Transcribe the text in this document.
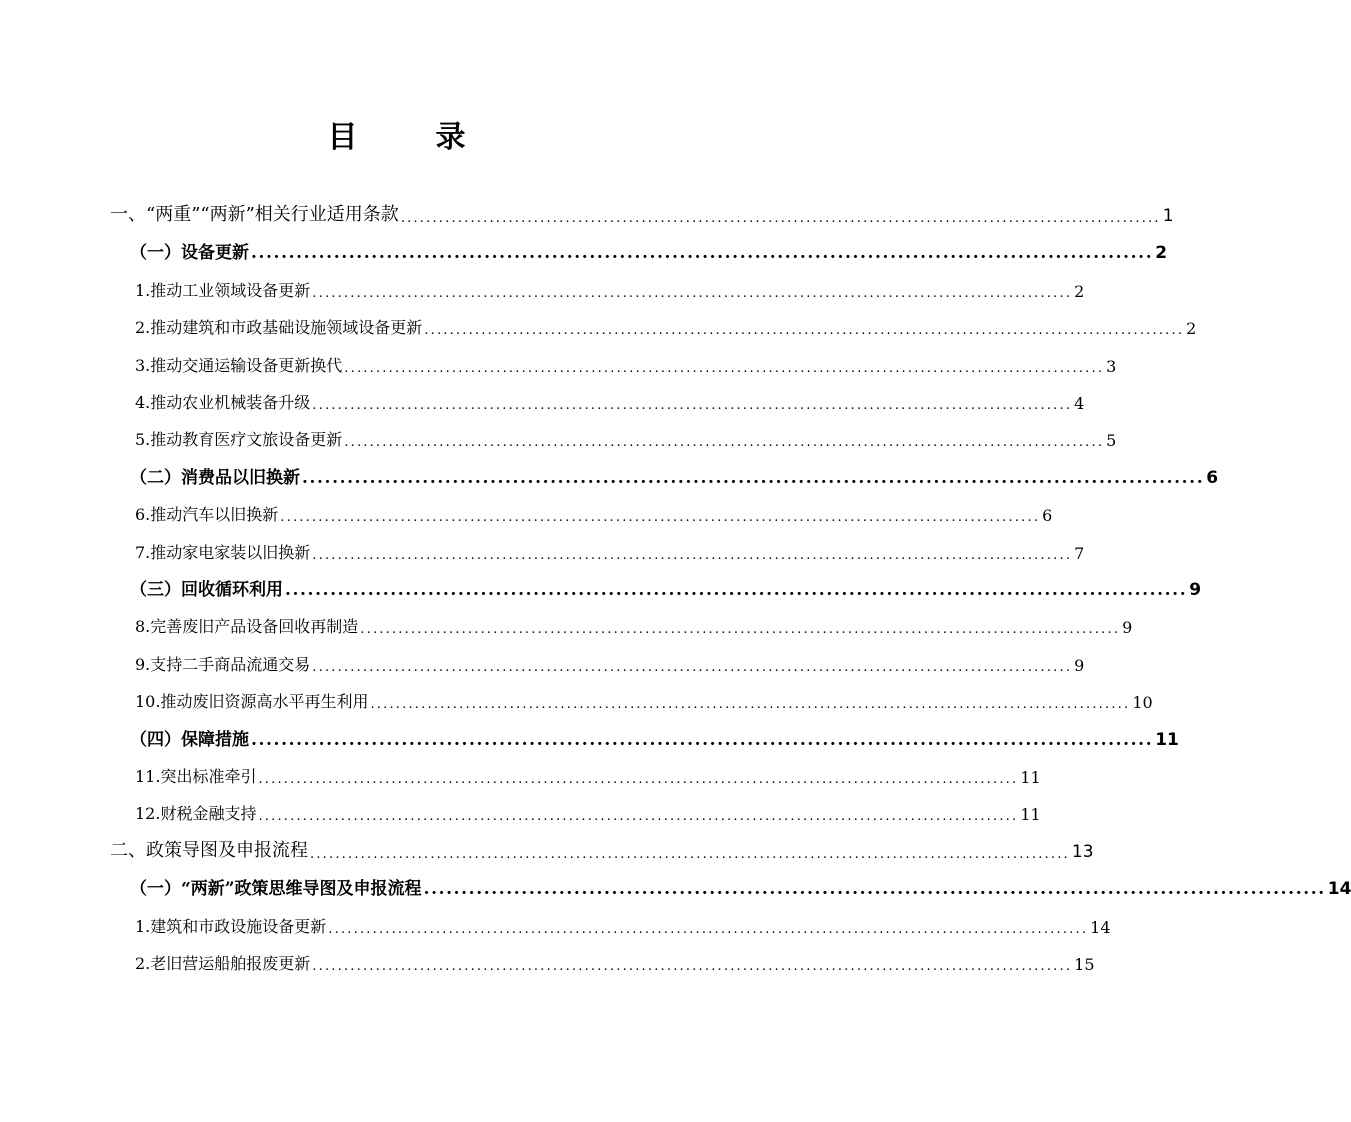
目　录
一、“两重”“两新”相关行业适用条款 ........................................................................................................................ 1
（一）设备更新 ........................................................................................................................ 2
1.推动工业领域设备更新 ........................................................................................................................ 2
2.推动建筑和市政基础设施领域设备更新 ........................................................................................................................ 2
3.推动交通运输设备更新换代 ........................................................................................................................ 3
4.推动农业机械装备升级 ........................................................................................................................ 4
5.推动教育医疗文旅设备更新 ........................................................................................................................ 5
（二）消费品以旧换新 ........................................................................................................................ 6
6.推动汽车以旧换新 ........................................................................................................................ 6
7.推动家电家装以旧换新 ........................................................................................................................ 7
（三）回收循环利用 ........................................................................................................................ 9
8.完善废旧产品设备回收再制造 ........................................................................................................................ 9
9.支持二手商品流通交易 ........................................................................................................................ 9
10.推动废旧资源高水平再生利用 ........................................................................................................................ 10
（四）保障措施 ........................................................................................................................ 11
11.突出标准牵引 ........................................................................................................................ 11
12.财税金融支持 ........................................................................................................................ 11
二、政策导图及申报流程 ........................................................................................................................ 13
（一）“两新”政策思维导图及申报流程 ........................................................................................................................ 14
1.建筑和市政设施设备更新 ........................................................................................................................ 14
2.老旧营运船舶报废更新 ........................................................................................................................ 15
